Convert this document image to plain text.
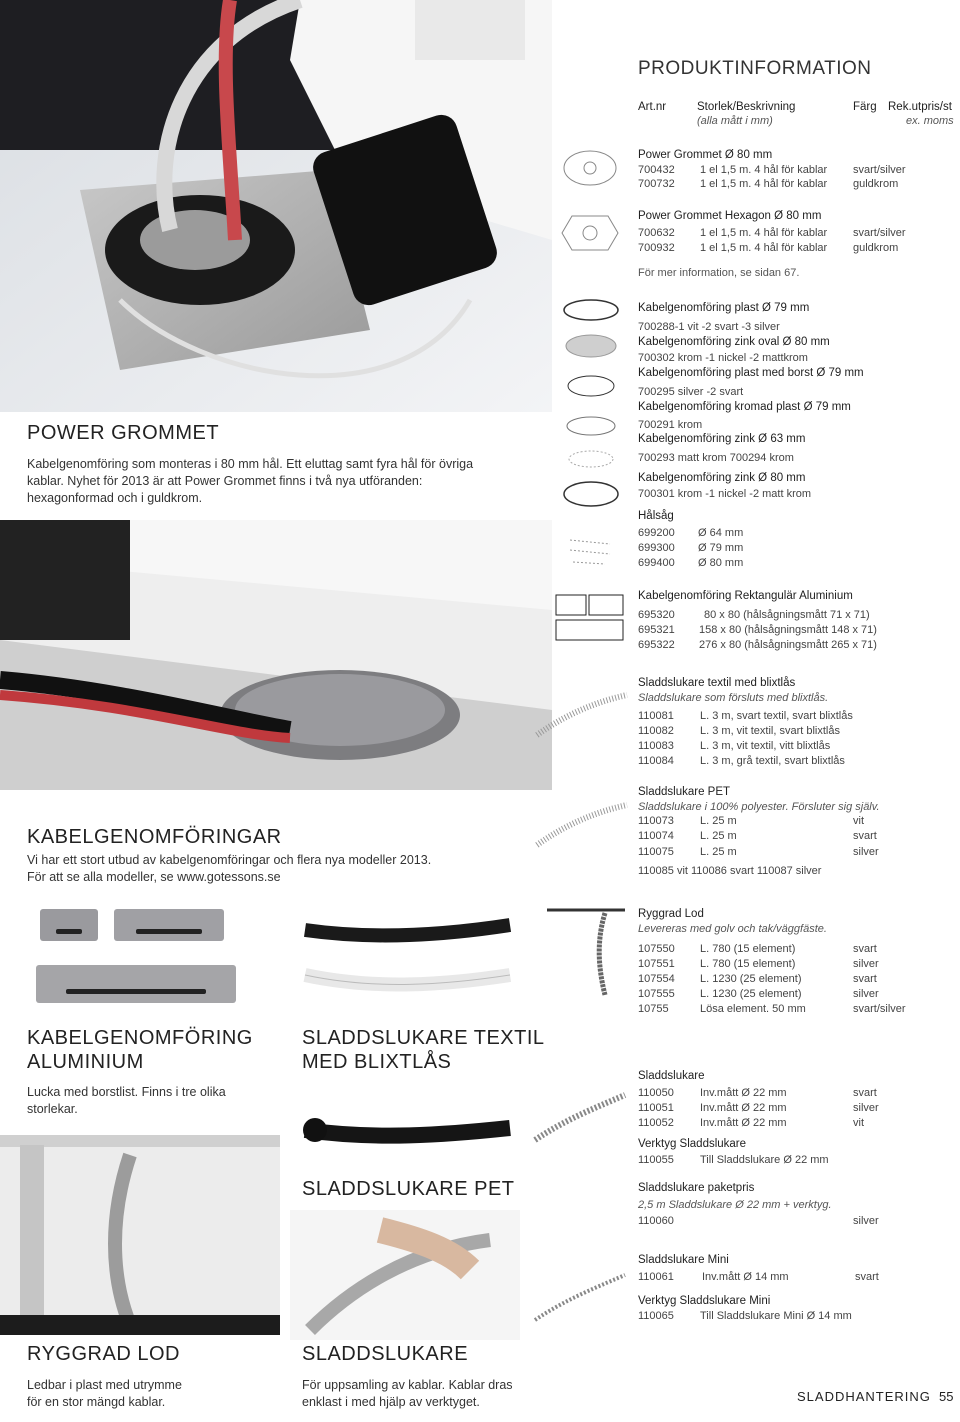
PRODUKTINFORMATION
Art.nr	Storlek/Beskrivning
(alla mått i mm)
Färg Rek.utpris/st
ex. moms
Power Grommet Ø 80 mm
700432 1 el 1,5 m. 4 hål för kablar svart/silver
700732 1 el 1,5 m. 4 hål för kablar guldkrom
Power Grommet Hexagon Ø 80 mm
700632 1 el 1,5 m. 4 hål för kablar svart/silver
700932 1 el 1,5 m. 4 hål för kablar guldkrom
För mer information, se sidan 67.
Kabelgenomföring plast Ø 79 mm
700288-1 vit -2 svart -3 silver
Kabelgenomföring zink oval Ø 80 mm
700302 krom -1 nickel -2 mattkrom
Kabelgenomföring plast med borst Ø 79 mm
700295 silver -2 svart
Kabelgenomföring kromad plast Ø 79 mm
700291 krom
Kabelgenomföring zink Ø 63 mm
700293 matt krom 700294 krom
Kabelgenomföring zink Ø 80 mm
700301 krom -1 nickel -2 matt krom
Hålsåg
699200 Ø 64 mm
699300 Ø 79 mm
699400 Ø 80 mm
Kabelgenomföring Rektangulär Aluminium
695320	80 x 80 (hålsågningsmått 71 x 71)
695321 158 x 80 (hålsågningsmått 148 x 71)
695322 276 x 80 (hålsågningsmått 265 x 71)
Sladdslukare textil med blixtlås
Sladdslukare som försluts med blixtlås.
110081 L. 3 m, svart textil, svart blixtlås
110082 L. 3 m, vit textil, svart blixtlås
110083 L. 3 m, vit textil, vitt blixtlås
110084 L. 3 m, grå textil, svart blixtlås
Sladdslukare PET
Sladdslukare i 100% polyester. Försluter sig själv.
110073 L. 25 m	vit
110074 L. 25 m	svart
110075 L. 25 m	silver
110085 vit 110086 svart 110087 silver
Ryggrad Lod
Levereras med golv och tak/väggfäste.
107550 L. 780 (15 element)	svart
107551 L. 780 (15 element)	silver
107554 L. 1230 (25 element)	svart
107555 L. 1230 (25 element)	silver
10755	Lösa element. 50 mm	svart/silver
Sladdslukare
110050 Inv.mått Ø 22 mm	svart
110051 Inv.mått Ø 22 mm	silver
110052 Inv.mått Ø 22 mm	vit
Verktyg Sladdslukare
110055 Till Sladdslukare Ø 22 mm
Sladdslukare paketpris
2,5 m Sladdslukare Ø 22 mm + verktyg.
110060	silver
Sladdslukare Mini
110061	Inv.mått Ø 14 mm	svart
Verktyg Sladdslukare Mini
110065 Till Sladdslukare Mini Ø 14 mm
POWER GROMMET
Kabelgenomföring som monteras i 80 mm hål. Ett eluttag samt fyra hål för övriga kablar. Nyhet för 2013 är att Power Grommet finns i två nya utföranden: hexagonformad och i guldkrom.
KABELGENOMFÖRINGAR
Vi har ett stort utbud av kabelgenomföringar och flera nya modeller 2013.
För att se alla modeller, se www.gotessons.se
KABELGENOMFÖRING
ALUMINIUM
Lucka med borstlist. Finns i tre olika storlekar.
SLADDSLUKARE TEXTIL
MED BLIXTLÅS
SLADDSLUKARE PET
RYGGRAD LOD
Ledbar i plast med utrymme
för en stor mängd kablar.
SLADDSLUKARE
För uppsamling av kablar. Kablar dras
enklast i med hjälp av verktyget.	SLADDHANTERING 55
